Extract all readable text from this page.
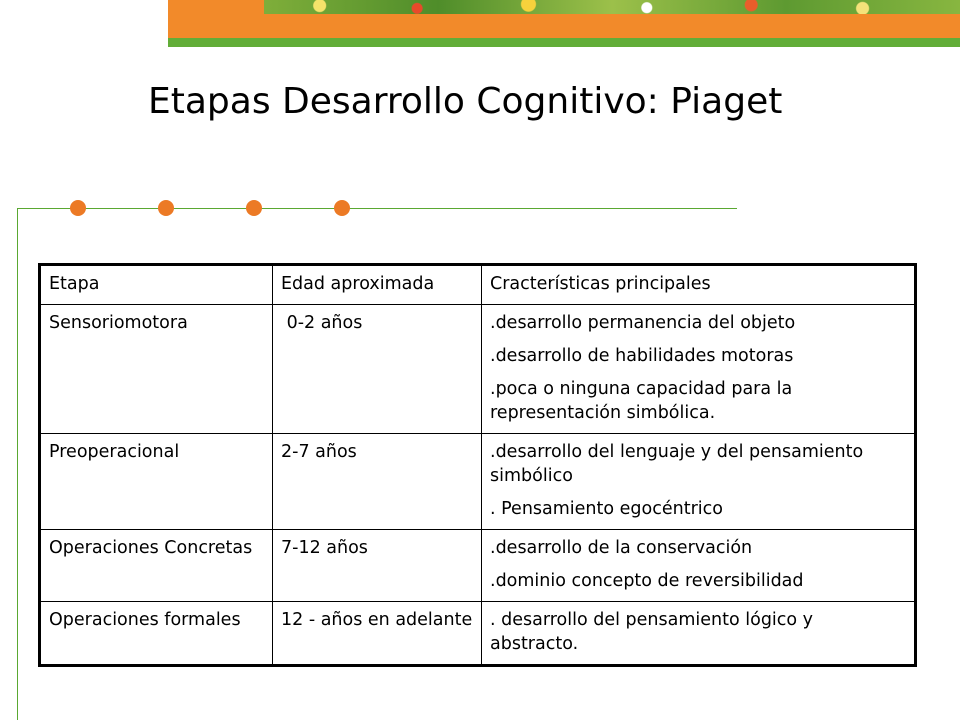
Etapas Desarrollo Cognitivo: Piaget
Etapa	Edad aproximada	Cracterísticas principales
Sensoriomotora	0-2 años	.desarrollo permanencia del objeto

.desarrollo de habilidades motoras

.poca o ninguna capacidad para la representación simbólica.

Preoperacional	2-7 años	.desarrollo del lenguaje y del pensamiento simbólico

. Pensamiento egocéntrico

Operaciones Concretas	7-12 años	.desarrollo de la conservación

.dominio concepto de reversibilidad

Operaciones formales	12 - años en adelante	. desarrollo del pensamiento lógico y abstracto.
